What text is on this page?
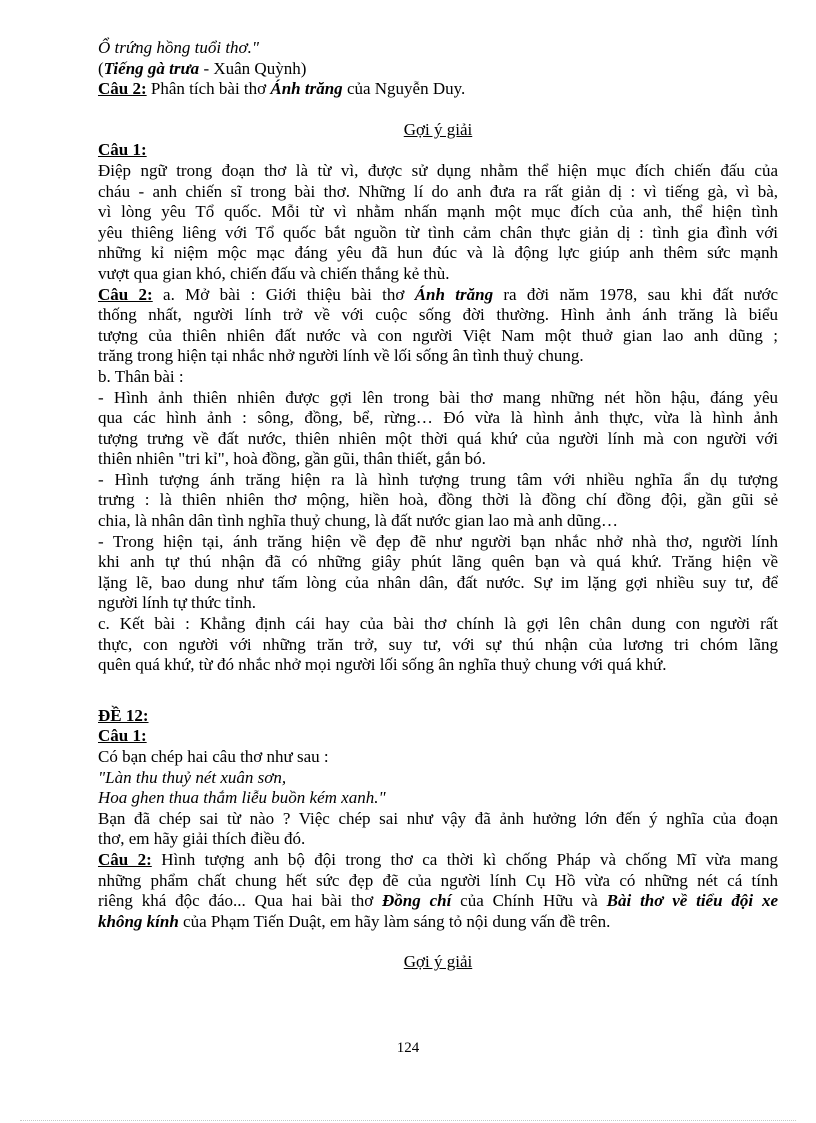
Ổ trứng hồng tuổi thơ."
(Tiếng gà trưa - Xuân Quỳnh)
Câu 2: Phân tích bài thơ Ánh trăng của Nguyễn Duy.
Gợi ý giải
Câu 1:
Điệp ngữ trong đoạn thơ là từ vì, được sử dụng nhằm thể hiện mục đích chiến đấu của
cháu - anh chiến sĩ trong bài thơ. Những lí do anh đưa ra rất giản dị : vì tiếng gà, vì bà,
vì lòng yêu Tổ quốc. Mỗi từ vì nhằm nhấn mạnh một mục đích của anh, thể hiện tình
yêu thiêng liêng với Tổ quốc bắt nguồn từ tình cảm chân thực giản dị : tình gia đình với
những kỉ niệm mộc mạc đáng yêu đã hun đúc và là động lực giúp anh thêm sức mạnh
vượt qua gian khó, chiến đấu và chiến thắng kẻ thù.
Câu 2: a. Mở bài : Giới thiệu bài thơ Ánh trăng ra đời năm 1978, sau khi đất nước
thống nhất, người lính trở về với cuộc sống đời thường. Hình ảnh ánh trăng là biểu
tượng của thiên nhiên đất nước và con người Việt Nam một thuở gian lao anh dũng ;
trăng trong hiện tại nhắc nhở người lính về lối sống ân tình thuỷ chung.
b. Thân bài :
- Hình ảnh thiên nhiên được gợi lên trong bài thơ mang những nét hồn hậu, đáng yêu
qua các hình ảnh : sông, đồng, bể, rừng… Đó vừa là hình ảnh thực, vừa là hình ảnh
tượng trưng về đất nước, thiên nhiên một thời quá khứ của người lính mà con người với
thiên nhiên "tri kỉ", hoà đồng, gần gũi, thân thiết, gắn bó.
- Hình tượng ánh trăng hiện ra là hình tượng trung tâm với nhiều nghĩa ẩn dụ tượng
trưng : là thiên nhiên thơ mộng, hiền hoà, đồng thời là đồng chí đồng đội, gần gũi sẻ
chia, là nhân dân tình nghĩa thuỷ chung, là đất nước gian lao mà anh dũng…
- Trong hiện tại, ánh trăng hiện về đẹp đẽ như người bạn nhắc nhở nhà thơ, người lính
khi anh tự thú nhận đã có những giây phút lãng quên bạn và quá khứ. Trăng hiện về
lặng lẽ, bao dung như tấm lòng của nhân dân, đất nước. Sự im lặng gợi nhiều suy tư, để
người lính tự thức tỉnh.
c. Kết bài : Khẳng định cái hay của bài thơ chính là gợi lên chân dung con người rất
thực, con người với những trăn trở, suy tư, với sự thú nhận của lương tri chóm lãng
quên quá khứ, từ đó nhắc nhở mọi người lối sống ân nghĩa thuỷ chung với quá khứ.
ĐỀ 12:
Câu 1:
Có bạn chép hai câu thơ như sau :
"Làn thu thuỷ nét xuân sơn,
Hoa ghen thua thắm liễu buồn kém xanh."
Bạn đã chép sai từ nào ? Việc chép sai như vậy đã ảnh hưởng lớn đến ý nghĩa của đoạn
thơ, em hãy giải thích điều đó.
Câu 2: Hình tượng anh bộ đội trong thơ ca thời kì chống Pháp và chống Mĩ vừa mang
những phẩm chất chung hết sức đẹp đẽ của người lính Cụ Hồ vừa có những nét cá tính
riêng khá độc đáo... Qua hai bài thơ Đồng chí của Chính Hữu và Bài thơ về tiểu đội xe
không kính của Phạm Tiến Duật, em hãy làm sáng tỏ nội dung vấn đề trên.
Gợi ý giải
124
